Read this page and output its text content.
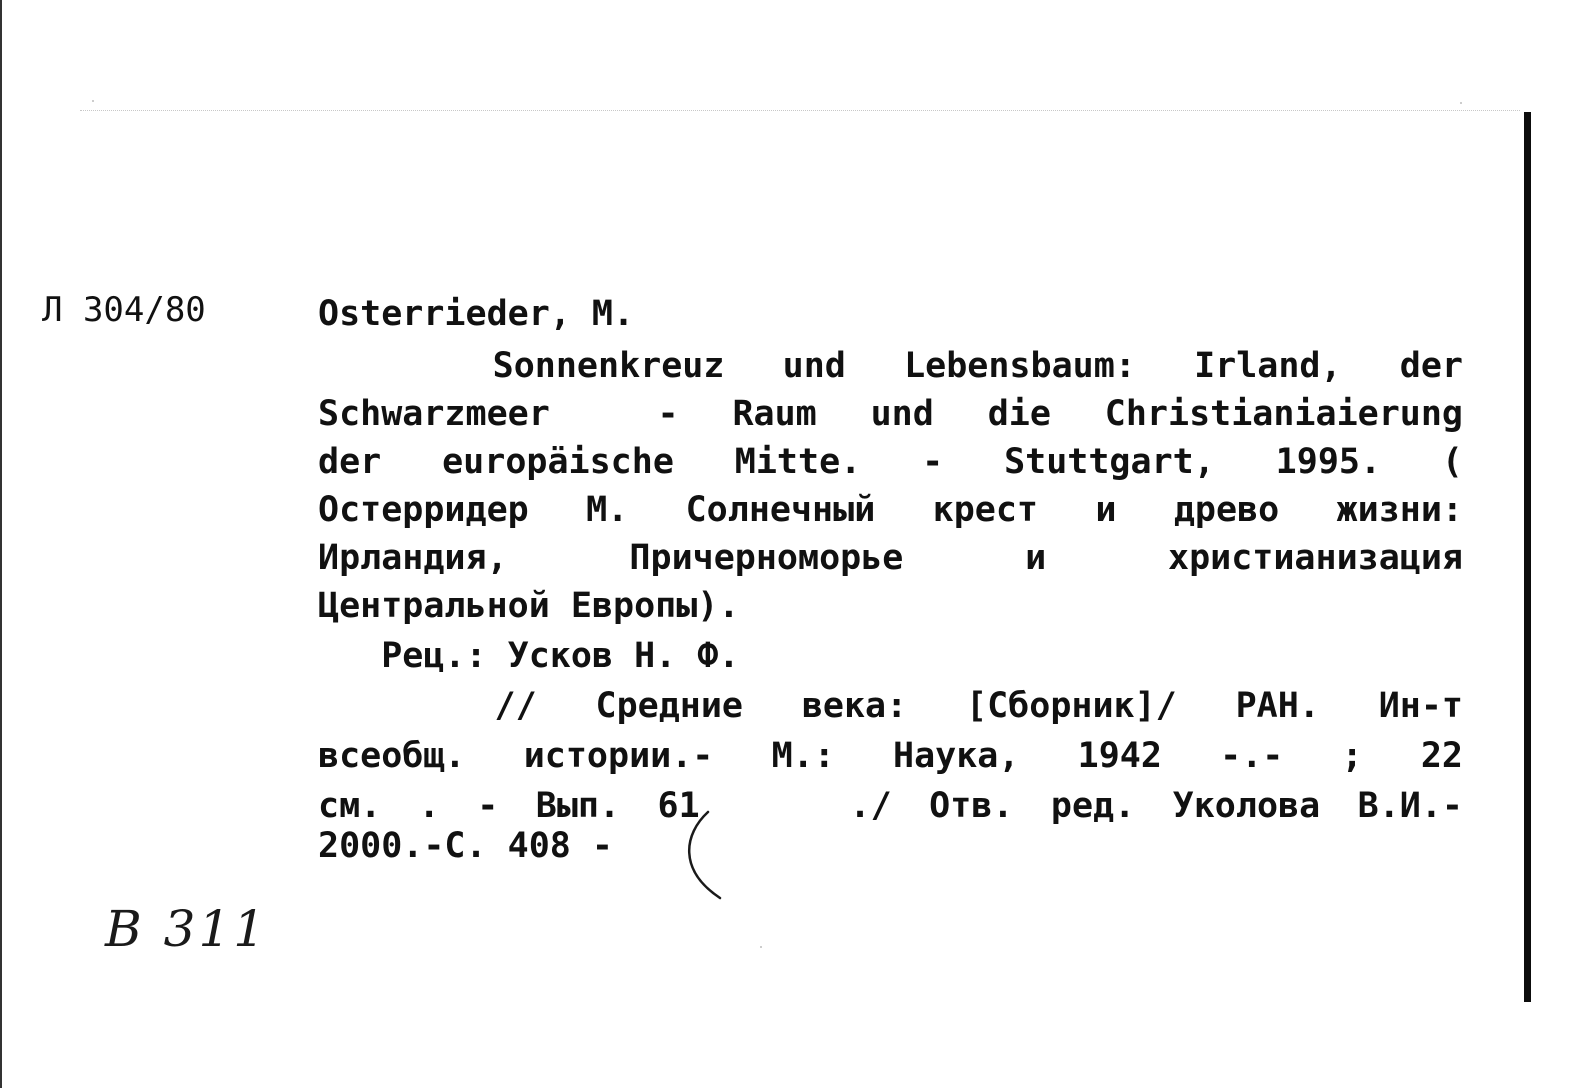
Л 304/80	Osterrieder, M.
Sonnenkreuz und Lebensbaum: Irland, der
Schwarzmeer  - Raum und die Christianiaierung
der europäische Mitte. - Stuttgart, 1995. (
Остерридер М. Солнечный крест и древо жизни:
Ирландия, Причерноморье и христианизация
Центральной Европы).
Рец.: Усков Н. Ф.
// Средние века: [Сборник]/ РАН. Ин-т
всеобщ. истории.- М.: Наука, 1942 -.- ; 22
см. . - Вып. 61    ./ Отв. ред. Уколова В.И.-
2000.-С. 408 -
В 311
